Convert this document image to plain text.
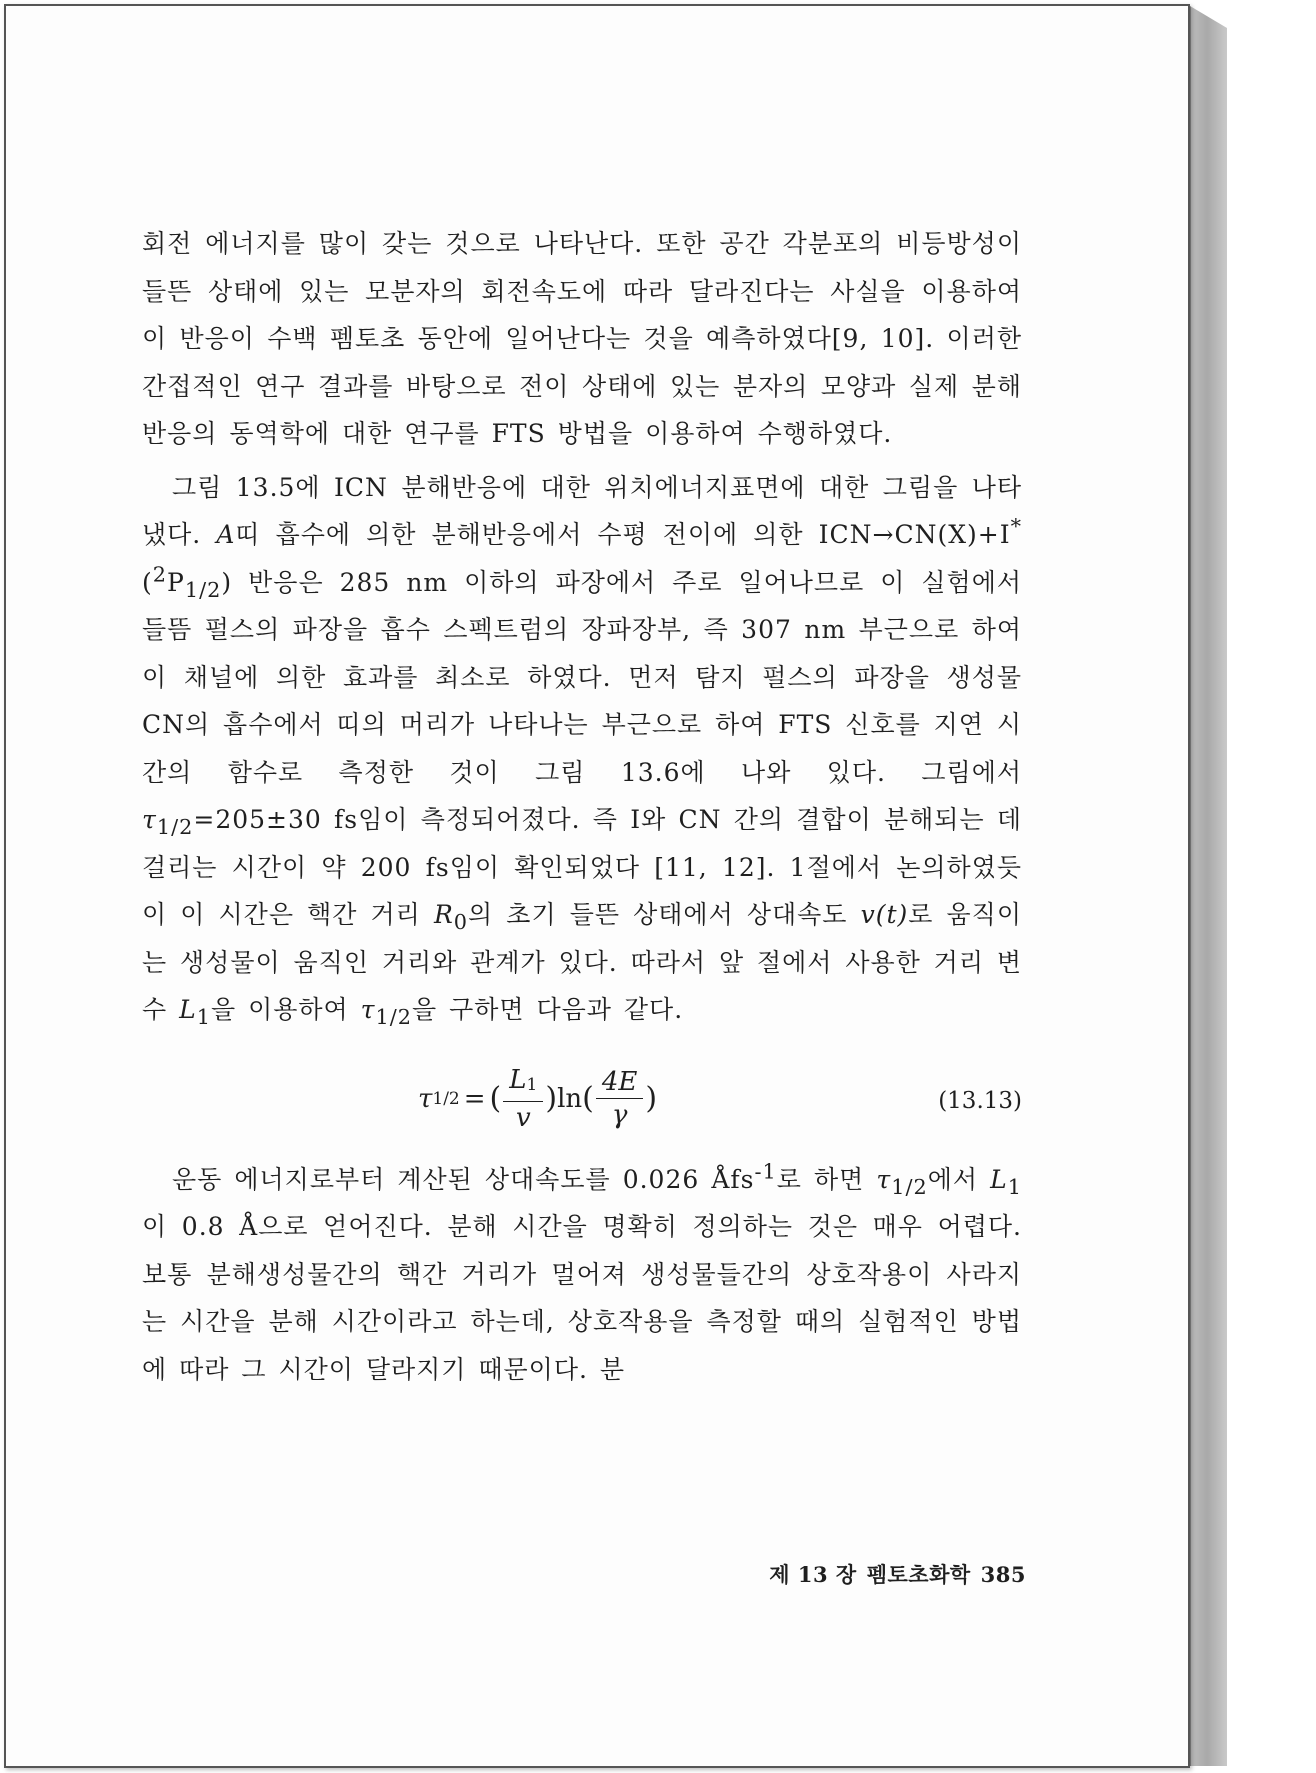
회전 에너지를 많이 갖는 것으로 나타난다. 또한 공간 각분포의 비등방성이 들뜬 상태에 있는 모분자의 회전속도에 따라 달라진다는 사실을 이용하여 이 반응이 수백 펨토초 동안에 일어난다는 것을 예측하였다[9, 10]. 이러한 간접적인 연구 결과를 바탕으로 전이 상태에 있는 분자의 모양과 실제 분해반응의 동역학에 대한 연구를 FTS 방법을 이용하여 수행하였다.

그림 13.5에 ICN 분해반응에 대한 위치에너지표면에 대한 그림을 나타냈다. A띠 흡수에 의한 분해반응에서 수평 전이에 의한 $ICN\to CN(X)+I^*(^2P_{1/2})$ 반응은 285 nm 이하의 파장에서 주로 일어나므로 이 실험에서 들뜸 펄스의 파장을 흡수 스펙트럼의 장파장부, 즉 307 nm 부근으로 하여 이 채널에 의한 효과를 최소로 하였다. 먼저 탐지 펄스의 파장을 생성물 CN의 흡수에서 띠의 머리가 나타나는 부근으로 하여 FTS 신호를 지연 시간의 함수로 측정한 것이 그림 13.6에 나와 있다. 그림에서 $\tau_{1/2}=205\pm 30$ fs임이 측정되어졌다. 즉 I와 CN 간의 결합이 분해되는 데 걸리는 시간이 약 200 fs임이 확인되었다 [11, 12]. 1절에서 논의하였듯이 이 시간은 핵간 거리 $R_0$의 초기 들뜬 상태에서 상대속도 v(t)로 움직이는 생성물이 움직인 거리와 관계가 있다. 따라서 앞 절에서 사용한 거리 변수 $L_1$을 이용하여 $\tau_{1/2}$을 구하면 다음과 같다.

τ 1/2 = ( $\frac{L1}{v}$ ) ln ( $\frac{4E}{\gamma}$ )	(13.13)

운동 에너지로부터 계산된 상대속도를 0.026 Åfs$^{-1}$로 하면 $\tau_{1/2}$에서 $L_1$이 0.8 Å으로 얻어진다. 분해 시간을 명확히 정의하는 것은 매우 어렵다. 보통 분해생성물간의 핵간 거리가 멀어져 생성물들간의 상호작용이 사라지는 시간을 분해 시간이라고 하는데, 상호작용을 측정할 때의 실험적인 방법에 따라 그 시간이 달라지기 때문이다. 분

제 13 장 펨토초화학 385
